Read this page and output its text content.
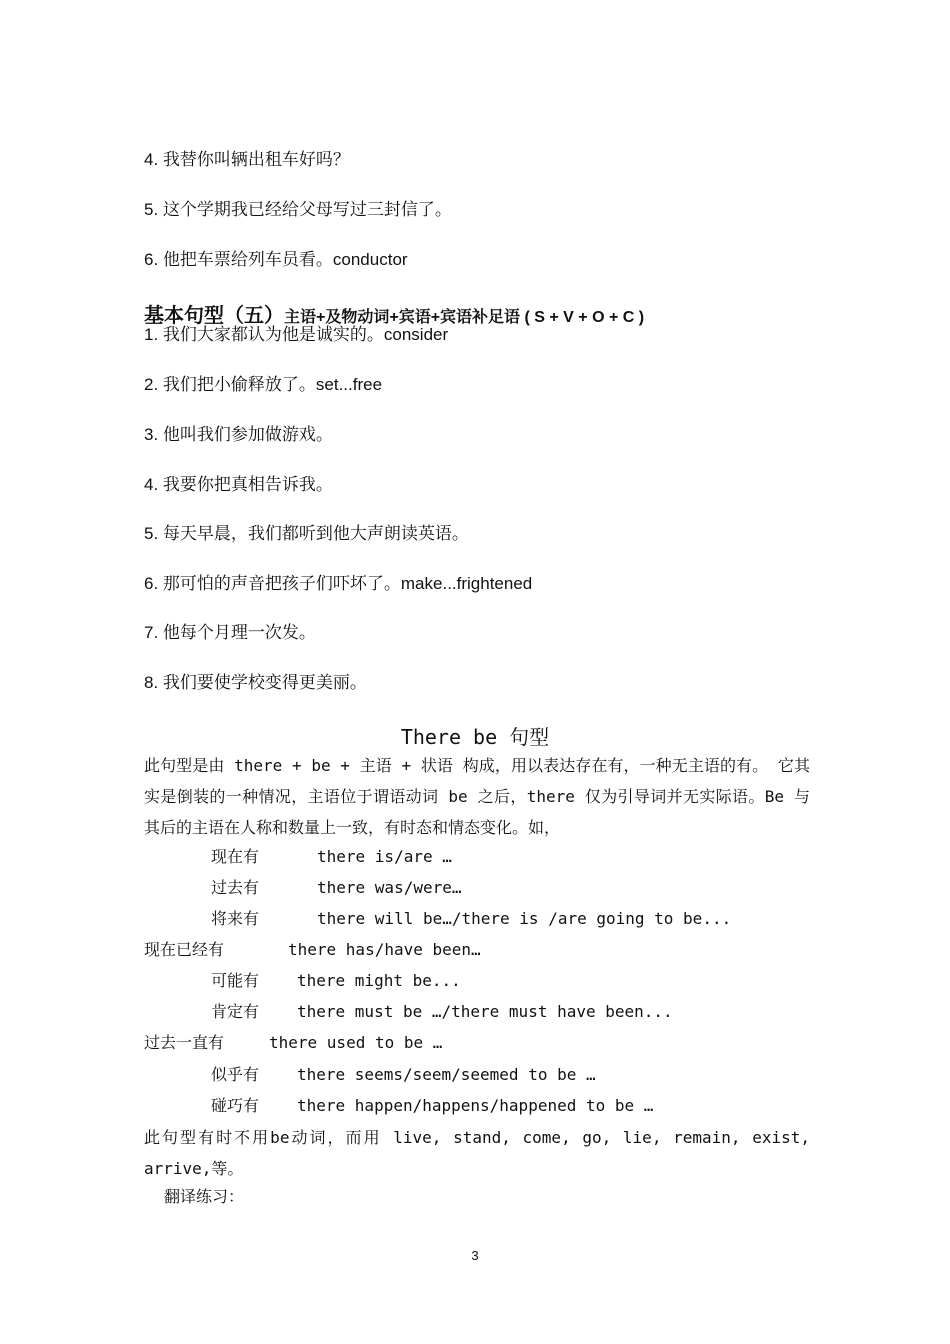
4. 我替你叫辆出租车好吗？
5. 这个学期我已经给父母写过三封信了。
6. 他把车票给列车员看。conductor
基本句型（五）主语+及物动词+宾语+宾语补足语 ( S + V + O + C )
1. 我们大家都认为他是诚实的。consider
2. 我们把小偷释放了。set...free
3. 他叫我们参加做游戏。
4. 我要你把真相告诉我。
5. 每天早晨，我们都听到他大声朗读英语。
6. 那可怕的声音把孩子们吓坏了。make...frightened
7. 他每个月理一次发。
8. 我们要使学校变得更美丽。
There be 句型
此句型是由 there + be + 主语 + 状语 构成，用以表达存在有，一种无主语的有。 它其实是倒装的一种情况，主语位于谓语动词 be 之后，there 仅为引导词并无实际语。Be 与其后的主语在人称和数量上一致，有时态和情态变化。如，
现在有	there is/are …
过去有	there was/were…
将来有	there will be…/there is /are going to be...
现在已经有	there has/have been…
可能有 there might be...
肯定有 there must be …/there must have been...
过去一直有	there used to be …
似乎有 there seems/seem/seemed to be …
碰巧有 there happen/happens/happened to be …
此句型有时不用be动词，而用 live, stand, come, go, lie, remain, exist, arrive,等。
翻译练习：
3
